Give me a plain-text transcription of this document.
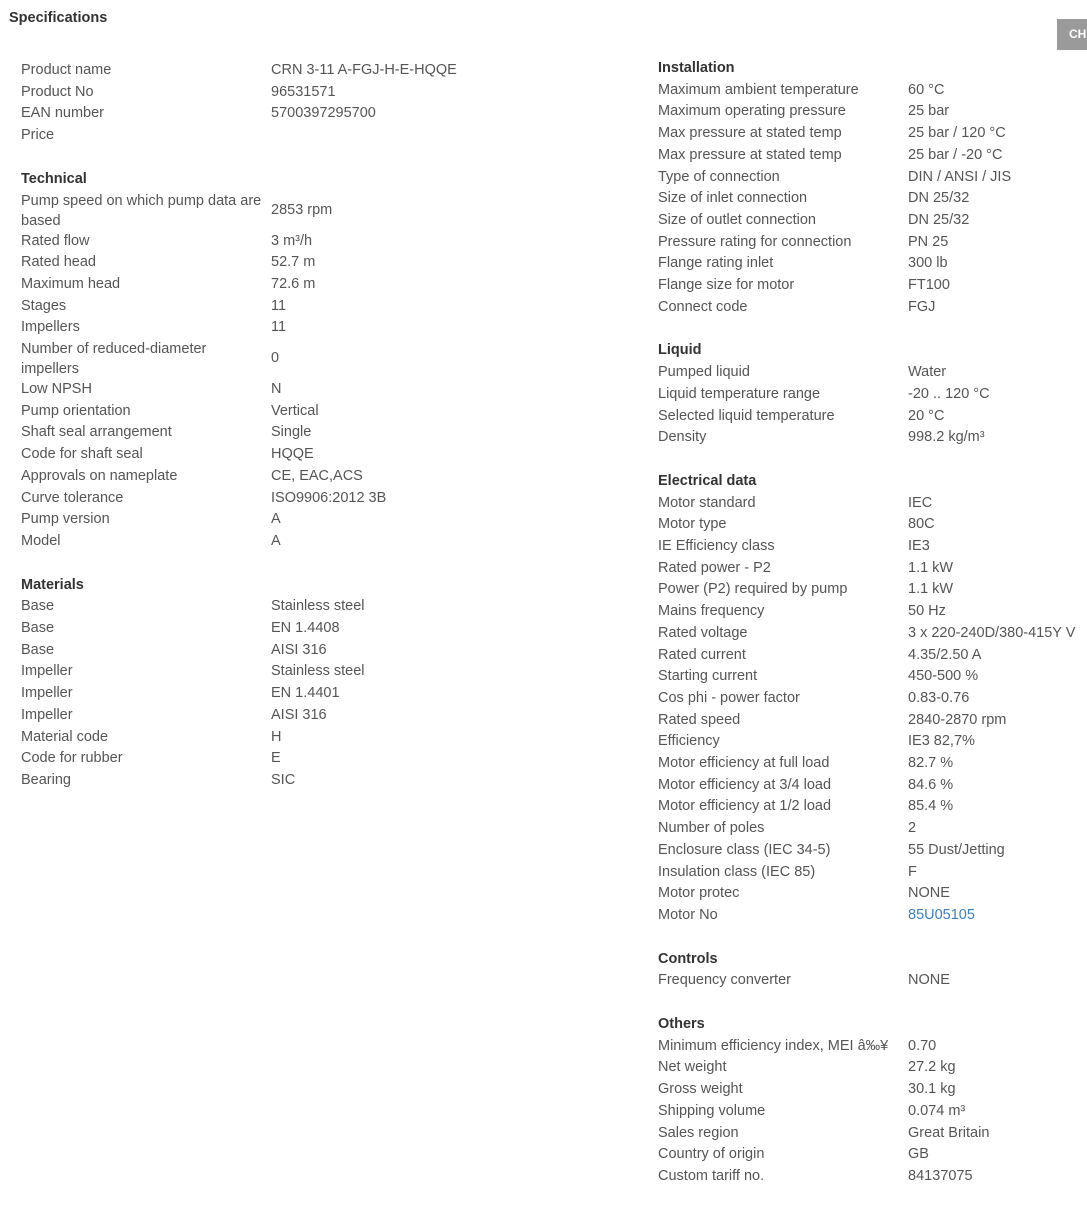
Specifications
CH
Product name	CRN 3-11 A-FGJ-H-E-HQQE
Product No	96531571
EAN number	5700397295700
Price	
Technical
Pump speed on which pump data are based	2853 rpm
Rated flow	3 m³/h
Rated head	52.7 m
Maximum head	72.6 m
Stages	11
Impellers	11
Number of reduced-diameter impellers	0
Low NPSH	N
Pump orientation	Vertical
Shaft seal arrangement	Single
Code for shaft seal	HQQE
Approvals on nameplate	CE, EAC,ACS
Curve tolerance	ISO9906:2012 3B
Pump version	A
Model	A
Materials
Base	Stainless steel
Base	EN 1.4408
Base	AISI 316
Impeller	Stainless steel
Impeller	EN 1.4401
Impeller	AISI 316
Material code	H
Code for rubber	E
Bearing	SIC
Installation
Maximum ambient temperature	60 °C
Maximum operating pressure	25 bar
Max pressure at stated temp	25 bar / 120 °C
Max pressure at stated temp	25 bar / -20 °C
Type of connection	DIN / ANSI / JIS
Size of inlet connection	DN 25/32
Size of outlet connection	DN 25/32
Pressure rating for connection	PN 25
Flange rating inlet	300 lb
Flange size for motor	FT100
Connect code	FGJ
Liquid
Pumped liquid	Water
Liquid temperature range	-20 .. 120 °C
Selected liquid temperature	20 °C
Density	998.2 kg/m³
Electrical data
Motor standard	IEC
Motor type	80C
IE Efficiency class	IE3
Rated power - P2	1.1 kW
Power (P2) required by pump	1.1 kW
Mains frequency	50 Hz
Rated voltage	3 x 220-240D/380-415Y V
Rated current	4.35/2.50 A
Starting current	450-500 %
Cos phi - power factor	0.83-0.76
Rated speed	2840-2870 rpm
Efficiency	IE3 82,7%
Motor efficiency at full load	82.7 %
Motor efficiency at 3/4 load	84.6 %
Motor efficiency at 1/2 load	85.4 %
Number of poles	2
Enclosure class (IEC 34-5)	55 Dust/Jetting
Insulation class (IEC 85)	F
Motor protec	NONE
Motor No	85U05105
Controls
Frequency converter	NONE
Others
Minimum efficiency index, MEI â‰¥	0.70
Net weight	27.2 kg
Gross weight	30.1 kg
Shipping volume	0.074 m³
Sales region	Great Britain
Country of origin	GB
Custom tariff no.	84137075
